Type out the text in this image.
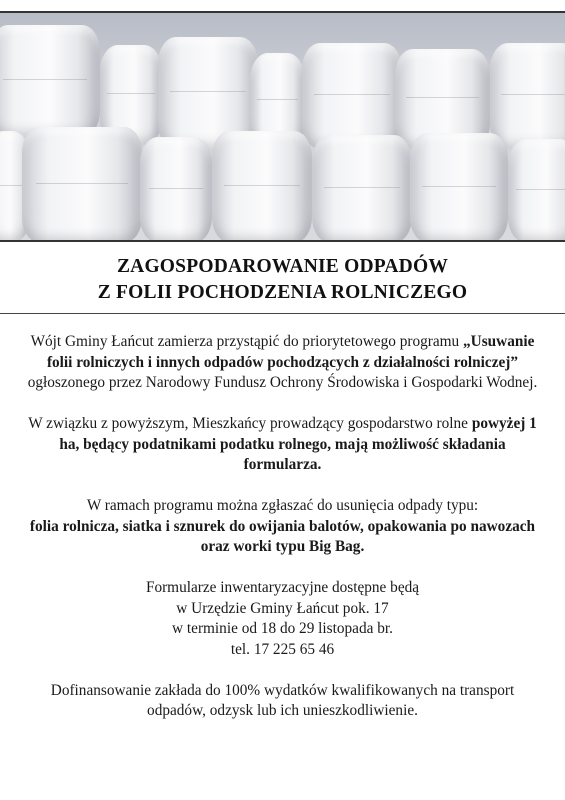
ZAGOSPODAROWANIE ODPADÓW
Z FOLII POCHODZENIA ROLNICZEGO

Wójt Gminy Łańcut zamierza przystąpić do priorytetowego programu „Usuwanie folii rolniczych i innych odpadów pochodzących z działalności rolniczej” ogłoszonego przez Narodowy Fundusz Ochrony Środowiska i Gospodarki Wodnej.

W związku z powyższym, Mieszkańcy prowadzący gospodarstwo rolne powyżej 1 ha, będący podatnikami podatku rolnego, mają możliwość składania formularza.

W ramach programu można zgłaszać do usunięcia odpady typu:
folia rolnicza, siatka i sznurek do owijania balotów, opakowania po nawozach oraz worki typu Big Bag.

Formularze inwentaryzacyjne dostępne będą
w Urzędzie Gminy Łańcut pok. 17
w terminie od 18 do 29 listopada br.
tel. 17 225 65 46

Dofinansowanie zakłada do 100% wydatków kwalifikowanych na transport odpadów, odzysk lub ich unieszkodliwienie.
